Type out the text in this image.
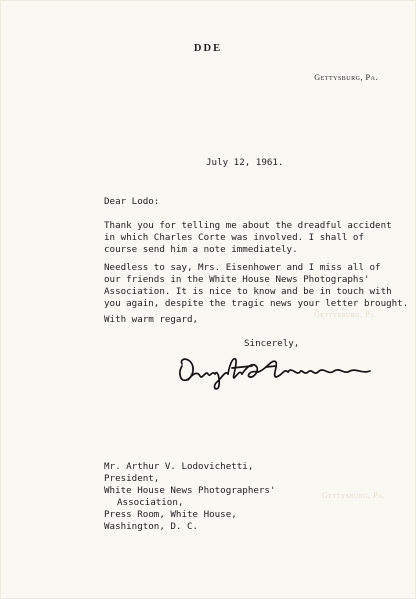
DDE
Gettysburg, Pa.
July 12, 1961.
Dear Lodo:
Thank you for telling me about the dreadful accident
in which Charles Corte was involved. I shall of
course send him a note immediately.
Needless to say, Mrs. Eisenhower and I miss all of
our friends in the White House News Photographs'
Association. It is nice to know and be in touch with
you again, despite the tragic news your letter brought.
With warm regard,	Gettysburg, Pa.
Sincerely,
Mr. Arthur V. Lodovichetti,
President,
White House News Photographers'
Association,
Press Room, White House,
Washington, D. C.
Gettysburg, Pa.
